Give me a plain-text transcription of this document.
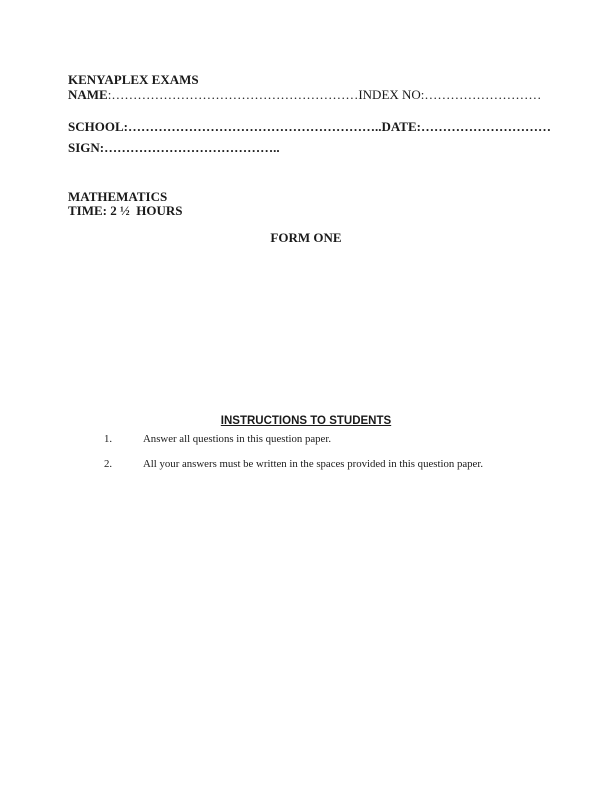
KENYAPLEX EXAMS
NAME:…………………………………………………INDEX NO:………………………
SCHOOL:…………………………………………………..DATE:…………………………
SIGN:…………………………………..
MATHEMATICS
TIME: 2 ½  HOURS
FORM ONE
INSTRUCTIONS TO STUDENTS
1.	Answer all questions in this question paper.
2.	All your answers must be written in the spaces provided in this question paper.
